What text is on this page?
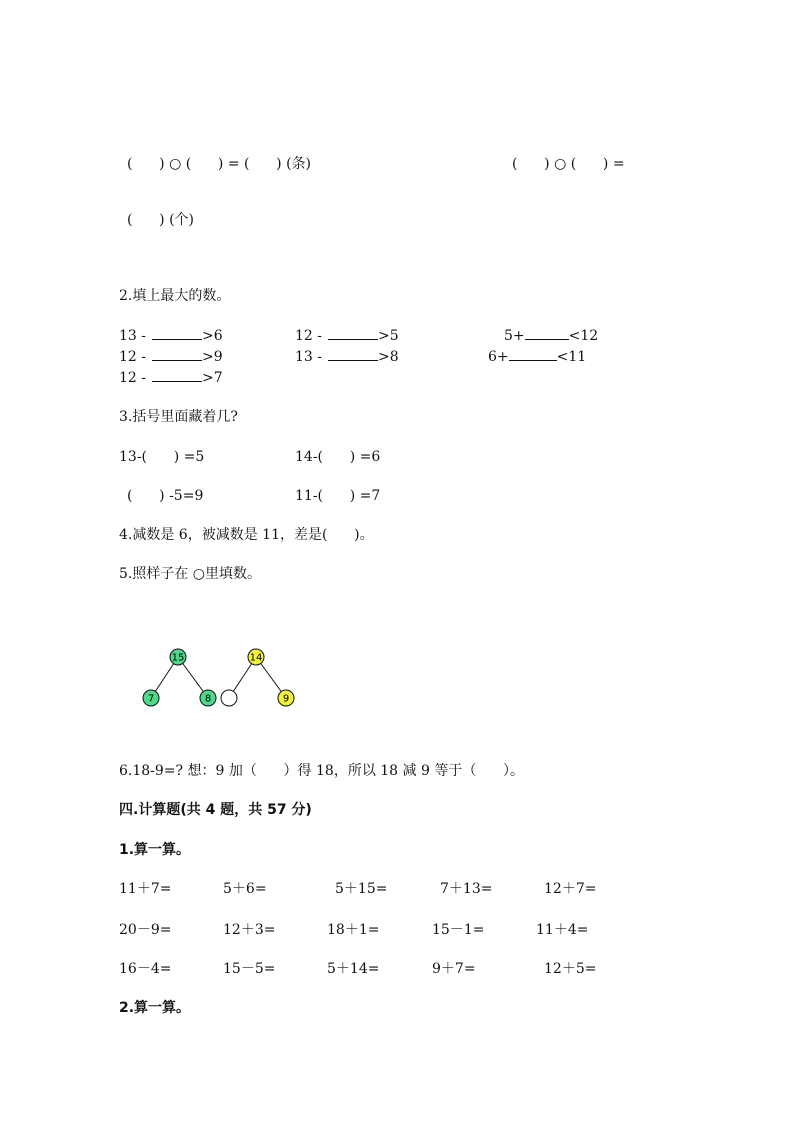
(      ) ○ (      ) = (      ) (条)	(      ) ○ (      ) =
(      ) (个)
2.填上最大的数。
13 -	>6	12 -	>5	5+	<12
12 -	>9	13 -	>8	6+	<11
12 -	>7
3.括号里面藏着几?
13-(      ) =5	14-(      ) =6
(      ) -5=9	11-(      ) =7
4.减数是 6，被减数是 11，差是(      )。
5.照样子在 ○里填数。
15
7	8
14
9
6.18-9=? 想：9 加（      ）得 18，所以 18 减 9 等于（      ）。
四.计算题(共 4 题，共 57 分)
1.算一算。
11＋7=	5＋6=	5＋15=	7＋13=	12＋7=
20－9=	12＋3=	18＋1=	15－1=	11＋4=
16－4=	15－5=	5＋14=	9＋7=	12＋5=
2.算一算。
